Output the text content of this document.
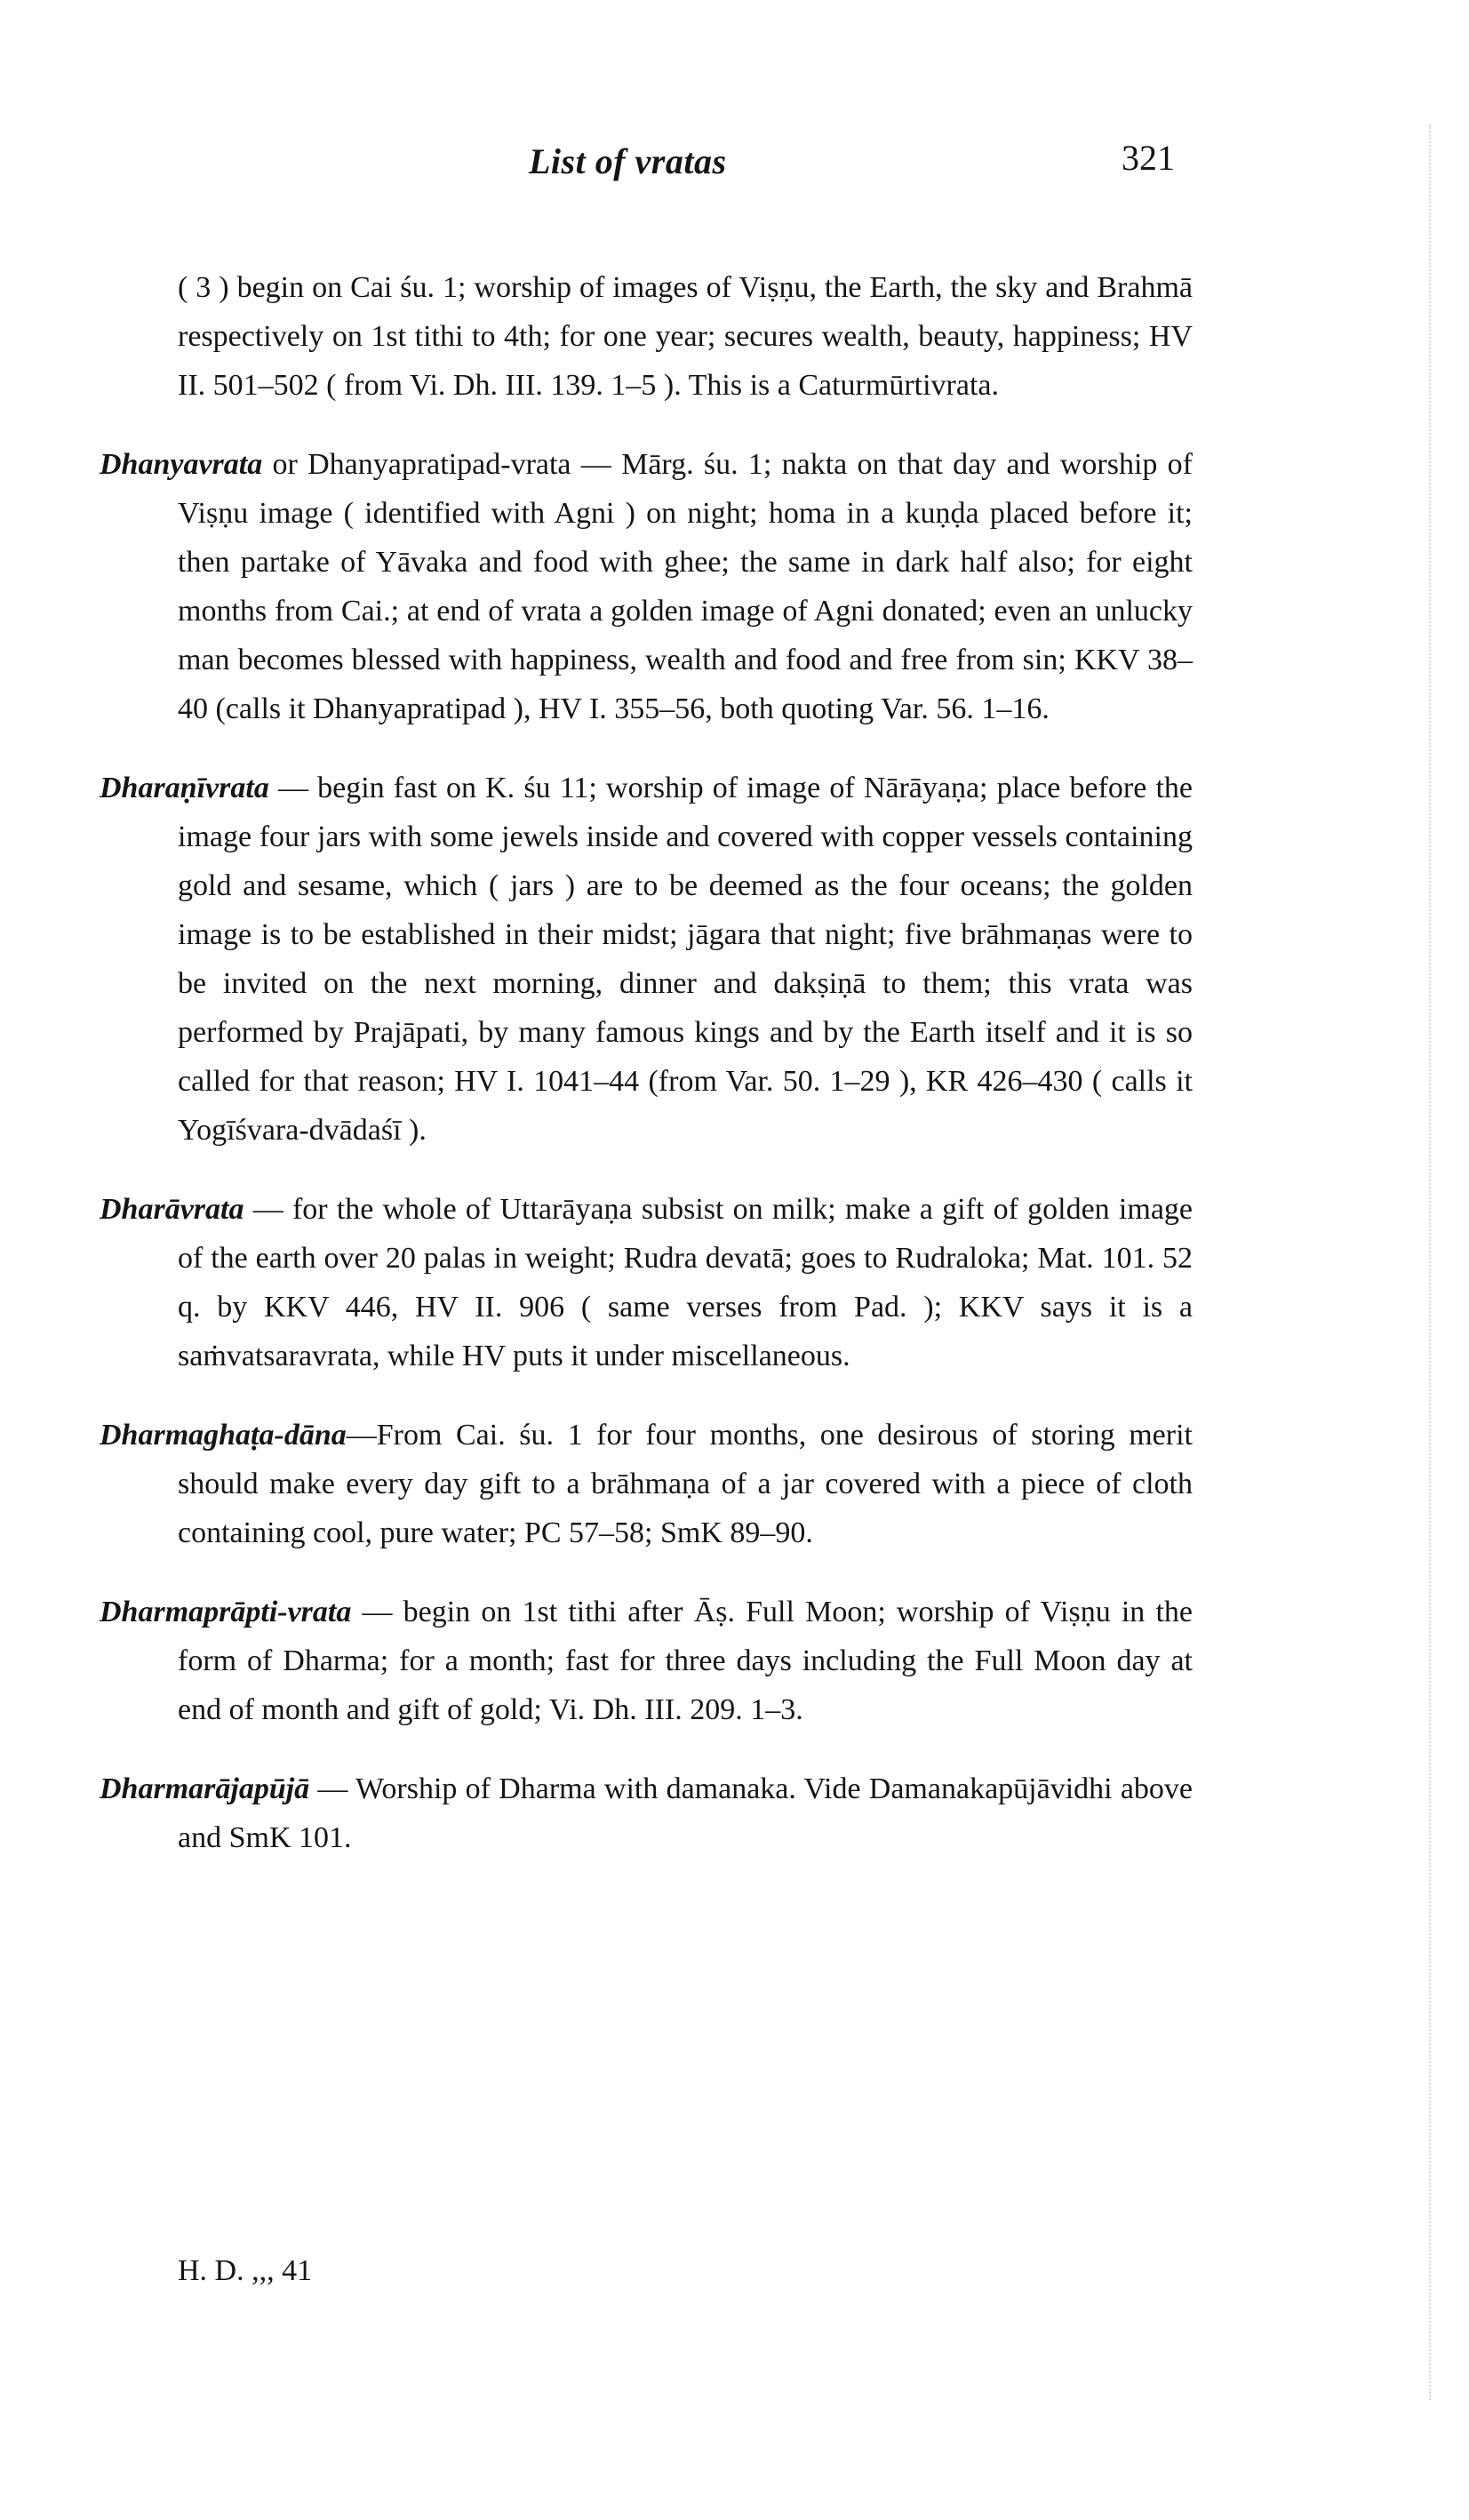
List of vratas	321

( 3 ) begin on Cai śu. 1; worship of images of Viṣṇu, the Earth, the sky and Brahmā respectively on 1st tithi to 4th; for one year; secures wealth, beauty, happiness; HV II. 501–502 ( from Vi. Dh. III. 139. 1–5 ). This is a Caturmūrtivrata.

Dhanyavrata or Dhanyapratipad-vrata — Mārg. śu. 1; nakta on that day and worship of Viṣṇu image ( identified with Agni ) on night; homa in a kuṇḍa placed before it; then partake of Yāvaka and food with ghee; the same in dark half also; for eight months from Cai.; at end of vrata a golden image of Agni donated; even an unlucky man becomes blessed with happiness, wealth and food and free from sin; KKV 38–40 (calls it Dhanyapratipad ), HV I. 355–56, both quoting Var. 56. 1–16.

Dharaṇīvrata — begin fast on K. śu 11; worship of image of Nārāyaṇa; place before the image four jars with some jewels inside and covered with copper vessels containing gold and sesame, which ( jars ) are to be deemed as the four oceans; the golden image is to be established in their midst; jāgara that night; five brāhmaṇas were to be invited on the next morning, dinner and dakṣiṇā to them; this vrata was performed by Prajāpati, by many famous kings and by the Earth itself and it is so called for that reason; HV I. 1041–44 (from Var. 50. 1–29 ), KR 426–430 ( calls it Yogīśvara-dvādaśī ).

Dharāvrata — for the whole of Uttarāyaṇa subsist on milk; make a gift of golden image of the earth over 20 palas in weight; Rudra devatā; goes to Rudraloka; Mat. 101. 52 q. by KKV 446, HV II. 906 ( same verses from Pad. ); KKV says it is a saṁvatsaravrata, while HV puts it under miscellaneous.

Dharmaghaṭa-dāna—From Cai. śu. 1 for four months, one desirous of storing merit should make every day gift to a brāhmaṇa of a jar covered with a piece of cloth containing cool, pure water; PC 57–58; SmK 89–90.

Dharmaprāpti-vrata — begin on 1st tithi after Āṣ. Full Moon; worship of Viṣṇu in the form of Dharma; for a month; fast for three days including the Full Moon day at end of month and gift of gold; Vi. Dh. III. 209. 1–3.

Dharmarājapūjā — Worship of Dharma with damanaka. Vide Damanakapūjāvidhi above and SmK 101.

H. D. ,,, 41
